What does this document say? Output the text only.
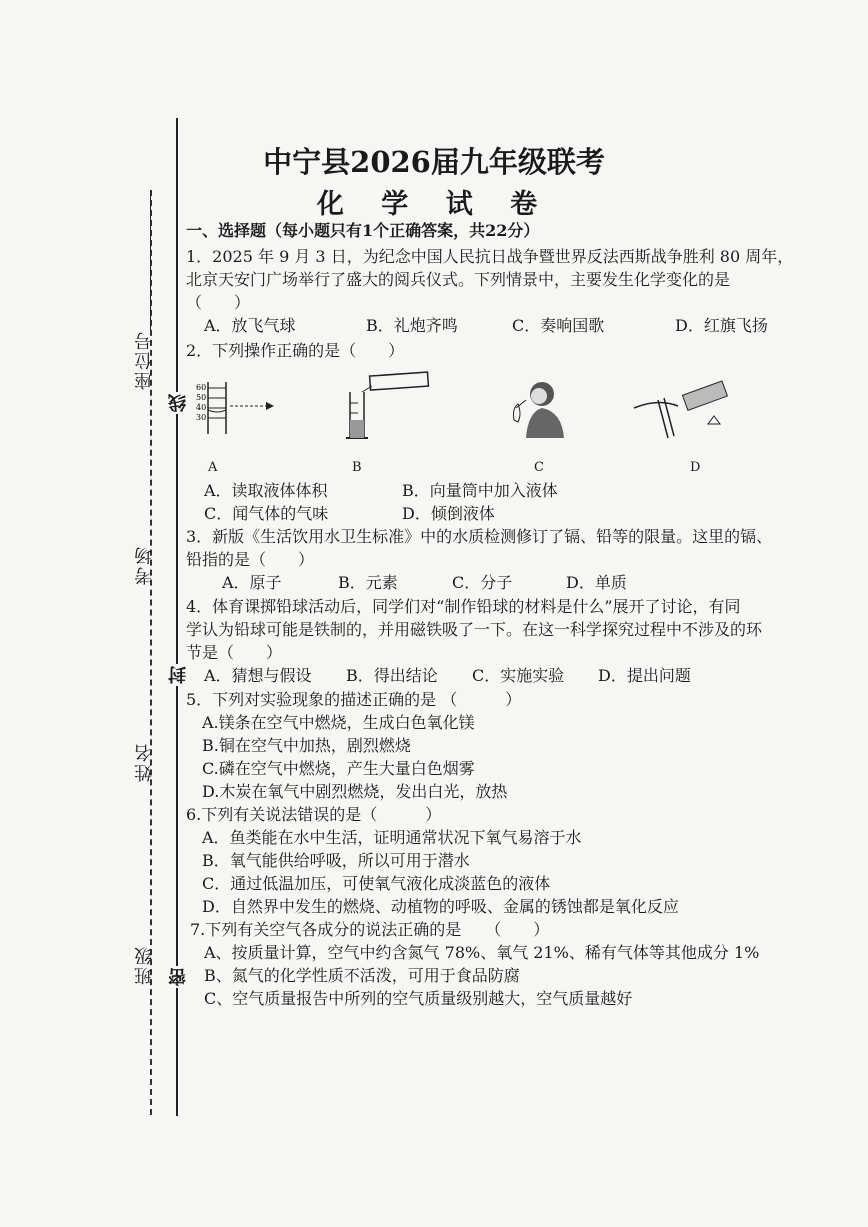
座位号
考场
姓名
班级
线
封
密
中宁县2026届九年级联考
化 学 试 卷
一、选择题（每小题只有1个正确答案，共22分）
1．2025 年 9 月 3 日，为纪念中国人民抗日战争暨世界反法西斯战争胜利 80 周年，
北京天安门广场举行了盛大的阅兵仪式。下列情景中，主要发生化学变化的是
（　　）
A．放飞气球	B．礼炮齐鸣	C．奏响国歌	D．红旗飞扬
2．下列操作正确的是（　　）
60
50
40
30
A	B	C	D
A．读取液体体积	B．向量筒中加入液体
C．闻气体的气味	D．倾倒液体
3．新版《生活饮用水卫生标准》中的水质检测修订了镉、铅等的限量。这里的镉、
铅指的是（　　）
A．原子	B．元素	C．分子	D．单质
4．体育课掷铅球活动后，同学们对“制作铅球的材料是什么”展开了讨论，有同
学认为铅球可能是铁制的，并用磁铁吸了一下。在这一科学探究过程中不涉及的环
节是（　　）
A．猜想与假设 B．得出结论 C．实施实验 D．提出问题
5．下列对实验现象的描述正确的是 （　　　）
A.镁条在空气中燃烧，生成白色氧化镁
B.铜在空气中加热，剧烈燃烧
C.磷在空气中燃烧，产生大量白色烟雾
D.木炭在氧气中剧烈燃烧，发出白光，放热
6.下列有关说法错误的是（　　　）
A．鱼类能在水中生活，证明通常状况下氧气易溶于水
B．氧气能供给呼吸，所以可用于潜水
C．通过低温加压，可使氧气液化成淡蓝色的液体
D．自然界中发生的燃烧、动植物的呼吸、金属的锈蚀都是氧化反应
7.下列有关空气各成分的说法正确的是　　（　　）
A、按质量计算，空气中约含氮气 78%、氧气 21%、稀有气体等其他成分 1%
B、氮气的化学性质不活泼，可用于食品防腐
C、空气质量报告中所列的空气质量级别越大，空气质量越好
